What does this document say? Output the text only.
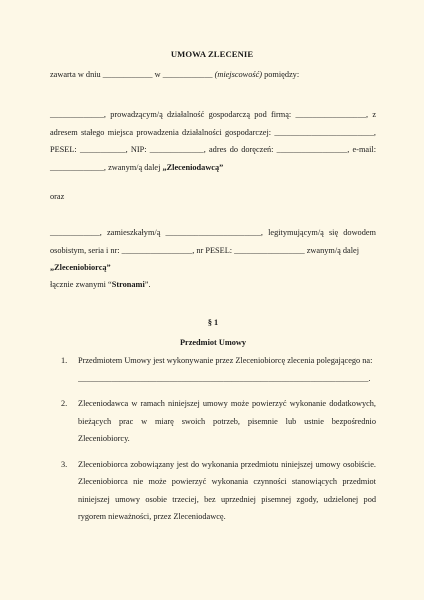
UMOWA ZLECENIE
zawarta w dniu ____________ w ____________ (miejscowość) pomiędzy:
_____________, prowadzącym/ą działalność gospodarczą pod firmą: _________________, z adresem stałego miejsca prowadzenia działalności gospodarczej: ________________________, PESEL: ___________, NIP: _____________, adres do doręczeń: _________________, e-mail: _____________, zwanym/ą dalej „Zleceniodawcą”
oraz
____________, zamieszkałym/ą _______________________, legitymującym/ą się dowodem osobistym, seria i nr: _________________, nr PESEL: _________________ zwanym/ą dalej
„Zleceniobiorcą”
łącznie zwanymi “Stronami”.
§ 1
Przedmiot Umowy
1. Przedmiotem Umowy jest wykonywanie przez Zleceniobiorcę zlecenia polegającego na:
______________________________________________________________________.
2. Zleceniodawca w ramach niniejszej umowy może powierzyć wykonanie dodatkowych, bieżących prac w miarę swoich potrzeb, pisemnie lub ustnie bezpośrednio Zleceniobiorcy.
3. Zleceniobiorca zobowiązany jest do wykonania przedmiotu niniejszej umowy osobiście. Zleceniobiorca nie może powierzyć wykonania czynności stanowiących przedmiot niniejszej umowy osobie trzeciej, bez uprzedniej pisemnej zgody, udzielonej pod rygorem nieważności, przez Zleceniodawcę.
